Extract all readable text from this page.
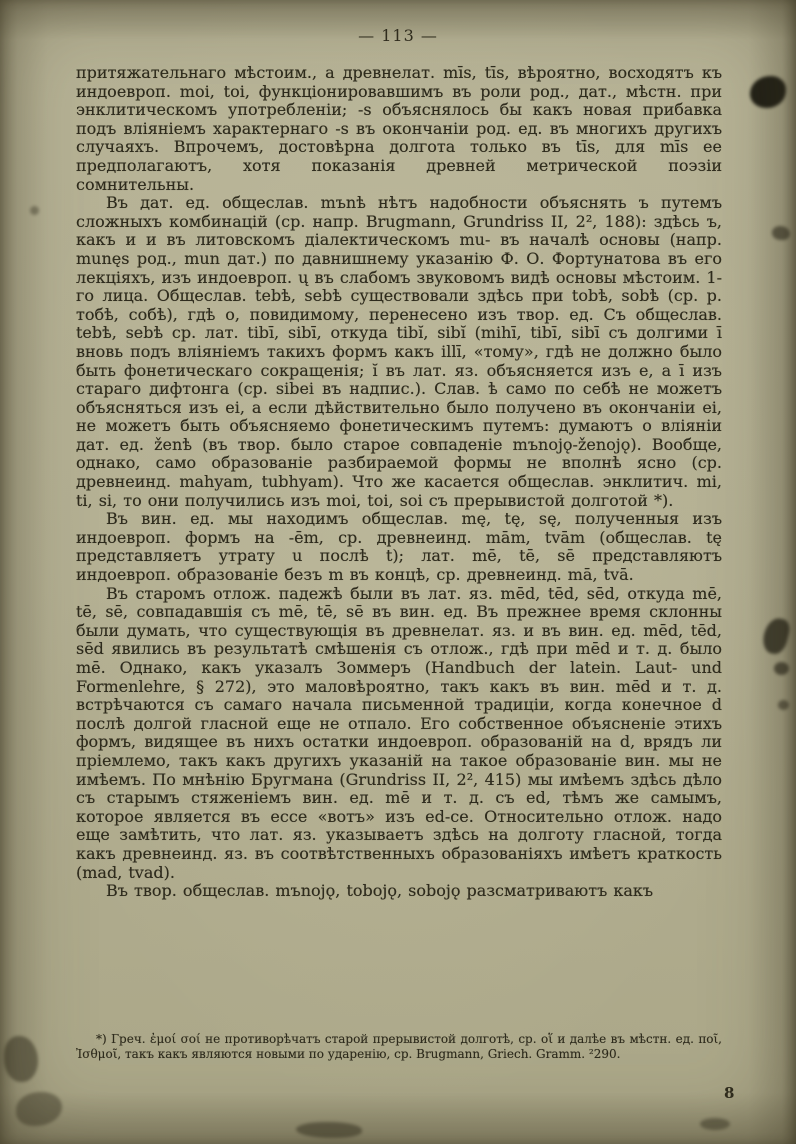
— 113 —

притяжательнаго мѣстоим., а древнелат. mīs, tīs, вѣроятно, восходятъ къ индоевроп. moi, toi, функціонировавшимъ въ роли род., дат., мѣстн. при энклитическомъ употребленіи; -s объяснялось бы какъ новая прибавка подъ вліяніемъ характернаго -s въ окончаніи род. ед. въ многихъ другихъ случаяхъ. Впрочемъ, достовѣрна долгота только въ tīs, для mīs ее предполагаютъ, хотя показанія древней метрической поэзіи сомнительны.

Въ дат. ед. общеслав. mъnѣ нѣтъ надобности объяснять ъ путемъ сложныхъ комбинацій (ср. напр. Brugmann, Grundriss II, 2², 188): здѣсь ъ, какъ и и въ литовскомъ діалектическомъ mu- въ началѣ основы (напр. munęs род., mun дат.) по давнишнему указанію Ф. О. Фортунатова въ его лекціяхъ, изъ индоевроп. ų въ слабомъ звуковомъ видѣ основы мѣстоим. 1-го лица. Общеслав. tebѣ, sebѣ существовали здѣсь при tobѣ, sobѣ (ср. р. тобѣ, собѣ), гдѣ о, повидимому, перенесено изъ твор. ед. Съ общеслав. tebѣ, sebѣ ср. лат. tibī, sibī, откуда tibĭ, sibĭ (mihī, tibī, sibī съ долгими ī вновь подъ вліяніемъ такихъ формъ какъ illī, «тому», гдѣ не должно было быть фонетическаго сокращенія; ĭ въ лат. яз. объясняется изъ e, а ī изъ стараго дифтонга (ср. sibei въ надпис.). Слав. ѣ само по себѣ не можетъ объясняться изъ ei, а если дѣйствительно было получено въ окончаніи ei, не можетъ быть объясняемо фонетическимъ путемъ: думаютъ о вліяніи дат. ед. ženѣ (въ твор. было старое совпаденіе mъnojǫ-ženojǫ). Вообще, однако, само образованіе разбираемой формы не вполнѣ ясно (ср. древнеинд. mahyam, tubhyam). Что же касается общеслав. энклитич. mi, ti, si, то они получились изъ moi, toi, soi съ прерывистой долготой *).

Въ вин. ед. мы находимъ общеслав. mę, tę, sę, полученныя изъ индоевроп. формъ на -ēm, ср. древнеинд. mām, tvām (общеслав. tę представляетъ утрату u послѣ t); лат. mē, tē, sē представляютъ индоевроп. образованіе безъ m въ концѣ, ср. древнеинд. mā, tvā.

Въ старомъ отлож. падежѣ были въ лат. яз. mēd, tēd, sēd, откуда mē, tē, sē, совпадавшія съ mē, tē, sē въ вин. ед. Въ прежнее время склонны были думать, что существующія въ древнелат. яз. и въ вин. ед. mēd, tēd, sēd явились въ результатѣ смѣшенія съ отлож., гдѣ при mēd и т. д. было mē. Однако, какъ указалъ Зоммеръ (Handbuch der latein. Laut- und Formenlehre, § 272), это маловѣроятно, такъ какъ въ вин. mēd и т. д. встрѣчаются съ самаго начала письменной традиціи, когда конечное d послѣ долгой гласной еще не отпало. Его собственное объясненіе этихъ формъ, видящее въ нихъ остатки индоевроп. образованій на d, врядъ ли пріемлемо, такъ какъ другихъ указаній на такое образованіе вин. мы не имѣемъ. По мнѣнію Бругмана (Grundriss II, 2², 415) мы имѣемъ здѣсь дѣло съ старымъ стяженіемъ вин. ед. mē и т. д. съ ed, тѣмъ же самымъ, которое является въ ecce «вотъ» изъ ed-ce. Относительно отлож. надо еще замѣтить, что лат. яз. указываетъ здѣсь на долготу гласной, тогда какъ древнеинд. яз. въ соотвѣтственныхъ образованіяхъ имѣетъ краткость (mad, tvad).

Въ твор. общеслав. mъnojǫ, tobojǫ, sobojǫ разсматриваютъ какъ

*) Греч. ἐμοί σοί не противорѣчатъ старой прерывистой долготѣ, ср. οἵ и далѣе въ мѣстн. ед. ποῖ, Ἰσθμοῖ, такъ какъ являются новыми по ударенію, ср. Brugmann, Griech. Gramm. ²290.
8
